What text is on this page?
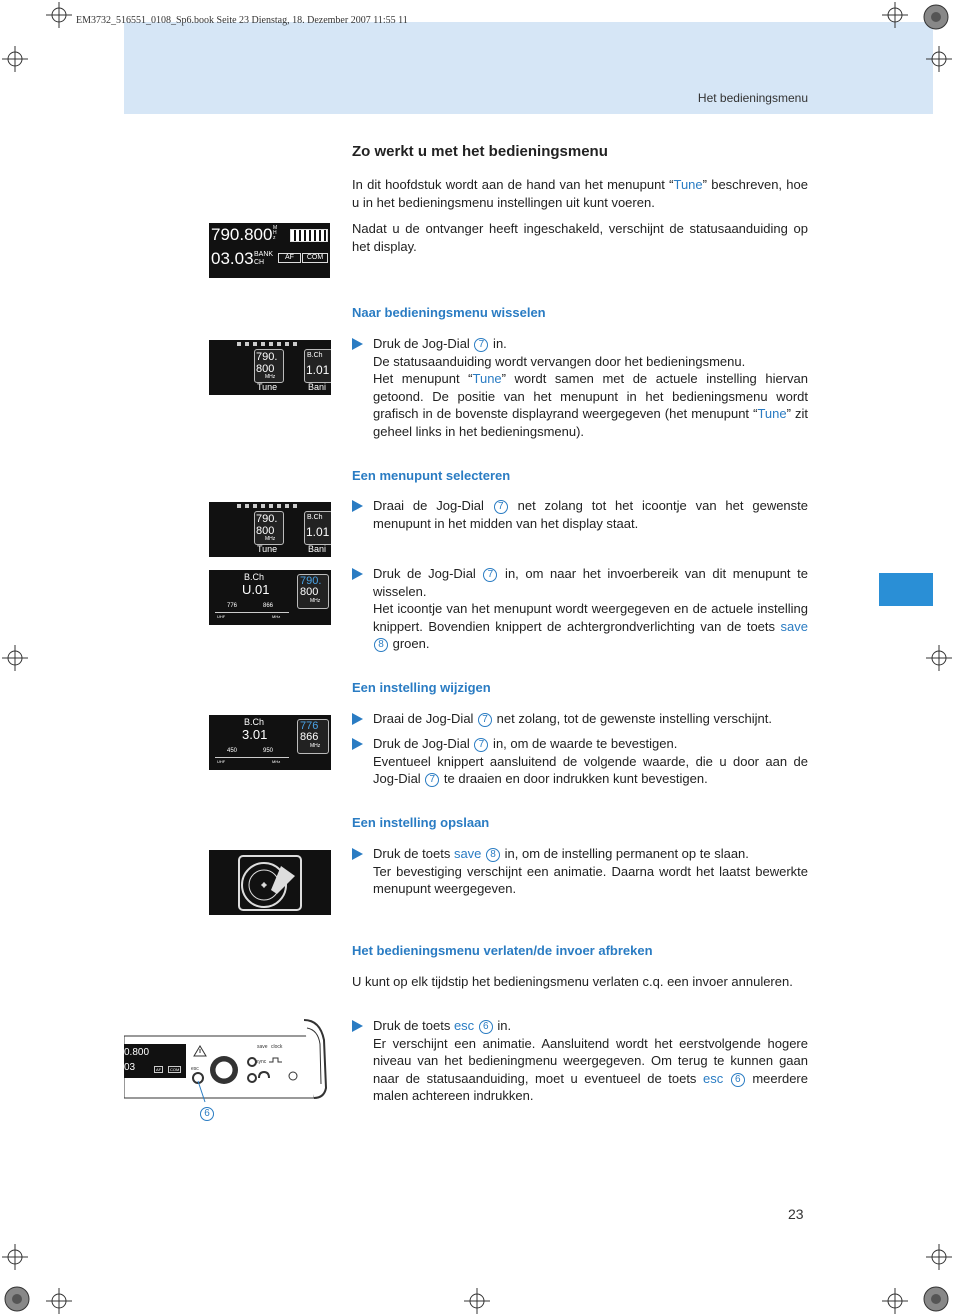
EM3732_516551_0108_Sp6.book Seite 23 Dienstag, 18. Dezember 2007 11:55 11
Het bedieningsmenu
23
Zo werkt u met het bedieningsmenu
In dit hoofdstuk wordt aan de hand van het menupunt “Tune” beschreven, hoe u in het bedieningsmenu instellingen uit kunt voeren.
Nadat u de ontvanger heeft ingeschakeld, verschijnt de statusaanduiding op het display.
790.800 M
H
z
03.03 BANK
CH
AF	COM
Naar bedieningsmenu wisselen
790.
800
MHz
B.Ch
1.01
Tune	Bani
Druk de Jog-Dial 7 in.
De statusaanduiding wordt vervangen door het bedieningsmenu.
Het menupunt “Tune” wordt samen met de actuele instelling hiervan getoond. De positie van het menupunt in het bedieningsmenu wordt grafisch in de bovenste displayrand weergegeven (het menupunt “Tune” zit geheel links in het bedieningsmenu).
Een menupunt selecteren
790.
800
MHz
B.Ch
1.01
Tune	Bani
Draai de Jog-Dial 7 net zolang tot het icoontje van het gewenste menupunt in het midden van het display staat.
B.Ch
U.01
790.
800
MHz
776	866
UHF	MHz
Druk de Jog-Dial 7 in, om naar het invoerbereik van dit menupunt te wisselen.
Het icoontje van het menupunt wordt weergegeven en de actuele instelling knippert. Bovendien knippert de achtergrondverlichting van de toets save 8 groen.
Een instelling wijzigen
B.Ch
3.01
776
866
MHz
450	950
UHF	MHz
Draai de Jog-Dial 7 net zolang, tot de gewenste instelling verschijnt.
Druk de Jog-Dial 7 in, om de waarde te bevestigen.
Eventueel knippert aansluitend de volgende waarde, die u door aan de Jog-Dial 7 te draaien en door indrukken kunt bevestigen.
Een instelling opslaan
Druk de toets save 8 in, om de instelling permanent op te slaan.
Ter bevestiging verschijnt een animatie. Daarna wordt het laatst bewerkte menupunt weergegeven.
Het bedieningsmenu verlaten/de invoer afbreken
U kunt op elk tijdstip het bedieningsmenu verlaten c.q. een invoer annuleren.
Druk de toets esc 6 in.
Er verschijnt een animatie. Aansluitend wordt het eerstvolgende hogere niveau van het bedieningmenu weergegeven. Om terug te kunnen gaan naar de statusaanduiding, moet u eventueel de toets esc 6 meerdere malen achtereen indrukken.
0.800
03	AF	COM	esc
save
sync
clock
6
